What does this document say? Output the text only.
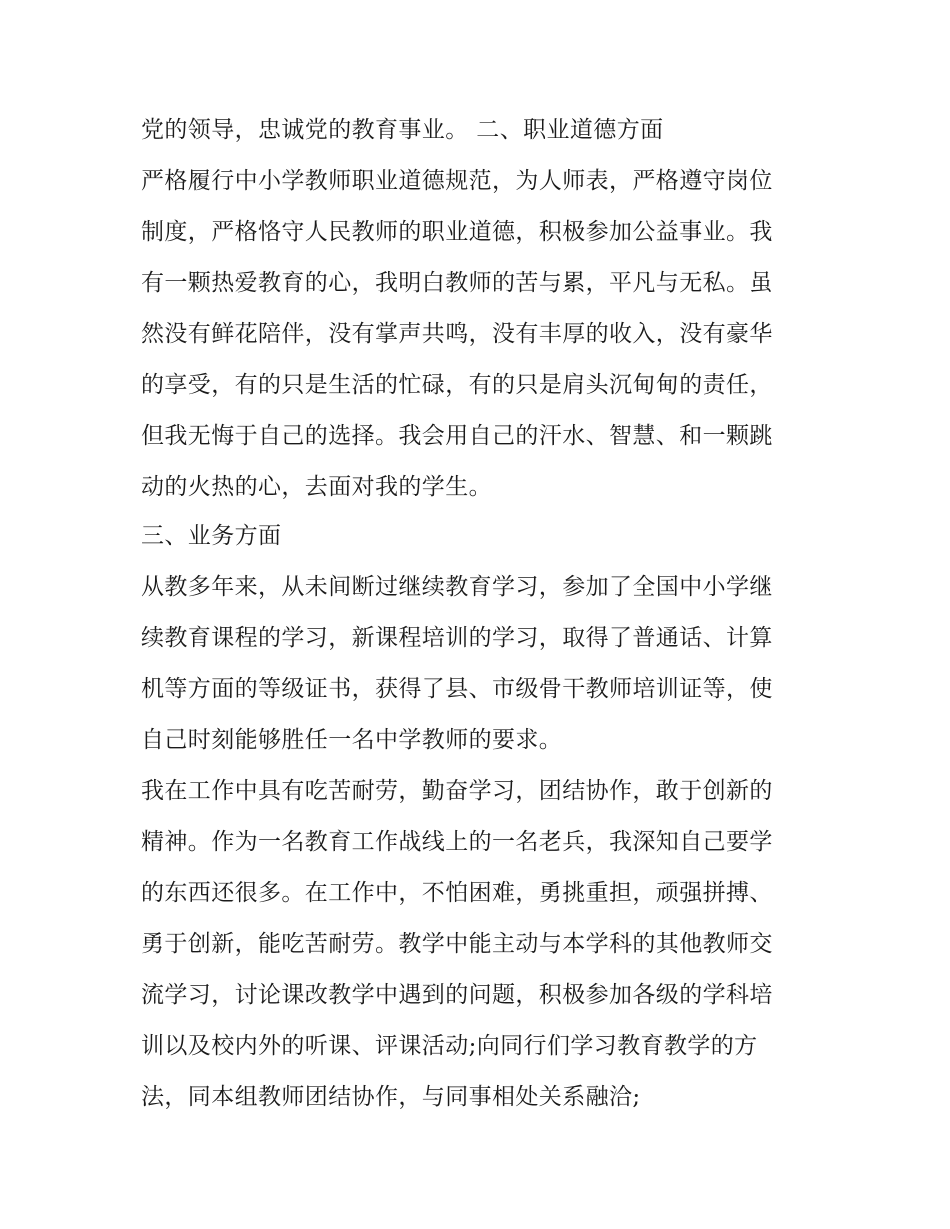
党的领导，忠诚党的教育事业。 二、职业道德方面
严格履行中小学教师职业道德规范，为人师表，严格遵守岗位
制度，严格恪守人民教师的职业道德，积极参加公益事业。我
有一颗热爱教育的心，我明白教师的苦与累，平凡与无私。虽
然没有鲜花陪伴，没有掌声共鸣，没有丰厚的收入，没有豪华
的享受，有的只是生活的忙碌，有的只是肩头沉甸甸的责任，
但我无悔于自己的选择。我会用自己的汗水、智慧、和一颗跳
动的火热的心，去面对我的学生。
三、业务方面
从教多年来，从未间断过继续教育学习，参加了全国中小学继
续教育课程的学习，新课程培训的学习，取得了普通话、计算
机等方面的等级证书，获得了县、市级骨干教师培训证等，使
自己时刻能够胜任一名中学教师的要求。
我在工作中具有吃苦耐劳，勤奋学习，团结协作，敢于创新的
精神。作为一名教育工作战线上的一名老兵，我深知自己要学
的东西还很多。在工作中，不怕困难，勇挑重担，顽强拼搏、
勇于创新，能吃苦耐劳。教学中能主动与本学科的其他教师交
流学习，讨论课改教学中遇到的问题，积极参加各级的学科培
训以及校内外的听课、评课活动;向同行们学习教育教学的方
法，同本组教师团结协作，与同事相处关系融洽;
